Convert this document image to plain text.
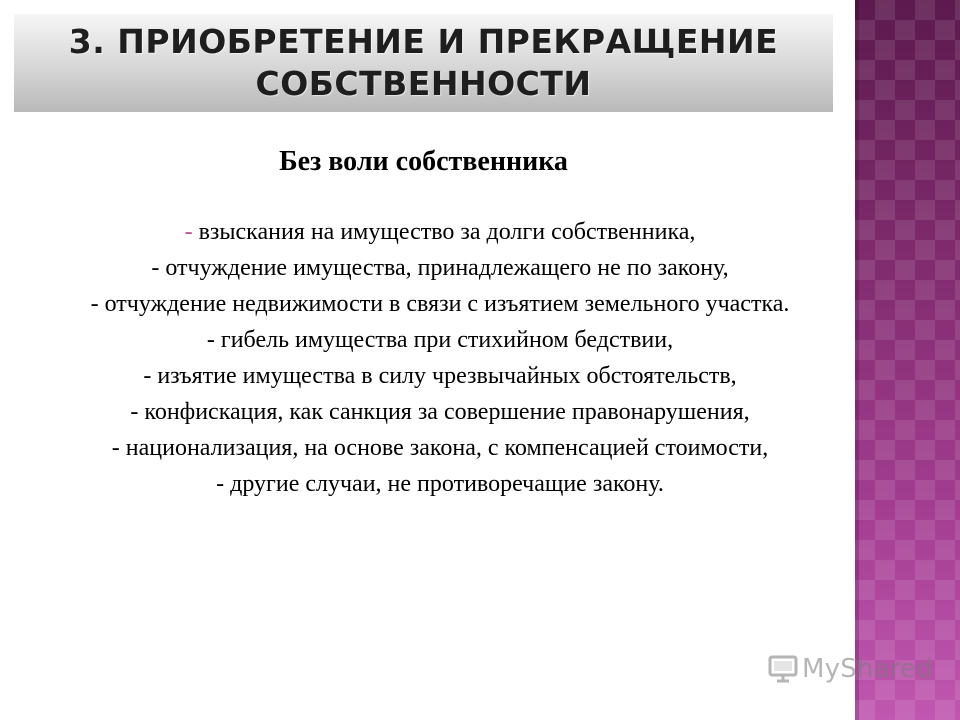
3. ПРИОБРЕТЕНИЕ И ПРЕКРАЩЕНИЕ
СОБСТВЕННОСТИ

Без воли собственника

- взыскания на имущество за долги собственника,
- отчуждение имущества, принадлежащего не по закону,
- отчуждение недвижимости в связи с изъятием земельного участка.
- гибель имущества при стихийном бедствии,
- изъятие имущества в силу чрезвычайных обстоятельств,
- конфискация, как санкция за совершение правонарушения,
- национализация, на основе закона, с компенсацией стоимости,
- другие случаи, не противоречащие закону.
MyShared
